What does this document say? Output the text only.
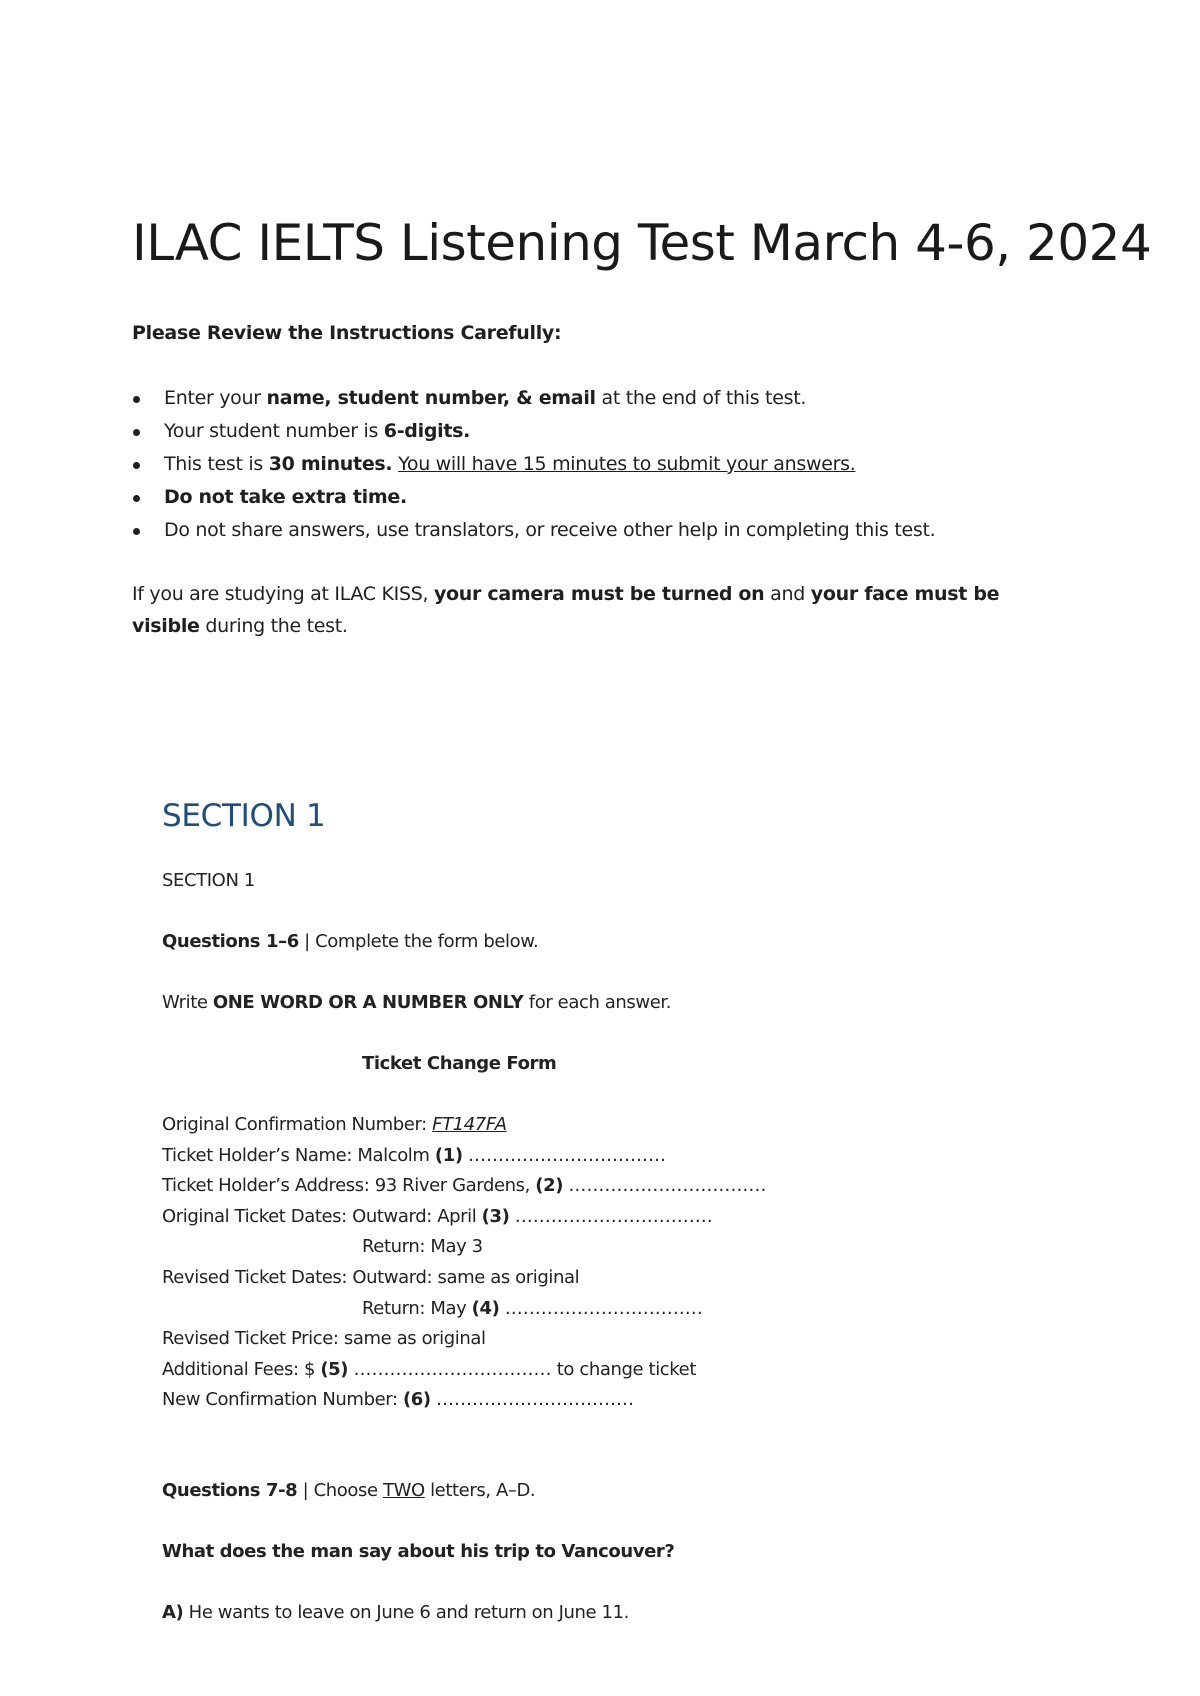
ILAC IELTS Listening Test March 4-6, 2024

Please Review the Instructions Carefully:

Enter your name, student number, & email at the end of this test.
Your student number is 6-digits.
This test is 30 minutes. You will have 15 minutes to submit your answers.
Do not take extra time.
Do not share answers, use translators, or receive other help in completing this test.

If you are studying at ILAC KISS, your camera must be turned on and your face must be visible during the test.

SECTION 1
SECTION 1
Questions 1–6 | Complete the form below.
Write ONE WORD OR A NUMBER ONLY for each answer.
Ticket Change Form
Original Confirmation Number: FT147FA
Ticket Holder’s Name: Malcolm (1) ……………………………
Ticket Holder’s Address: 93 River Gardens, (2) ……………………………
Original Ticket Dates: Outward: April (3) ……………………………
Return: May 3
Revised Ticket Dates: Outward: same as original
Return: May (4) ……………………………
Revised Ticket Price: same as original
Additional Fees: $ (5) …………………………… to change ticket
New Confirmation Number: (6) ……………………………
Questions 7-8 | Choose TWO letters, A–D.
What does the man say about his trip to Vancouver?
A) He wants to leave on June 6 and return on June 11.
